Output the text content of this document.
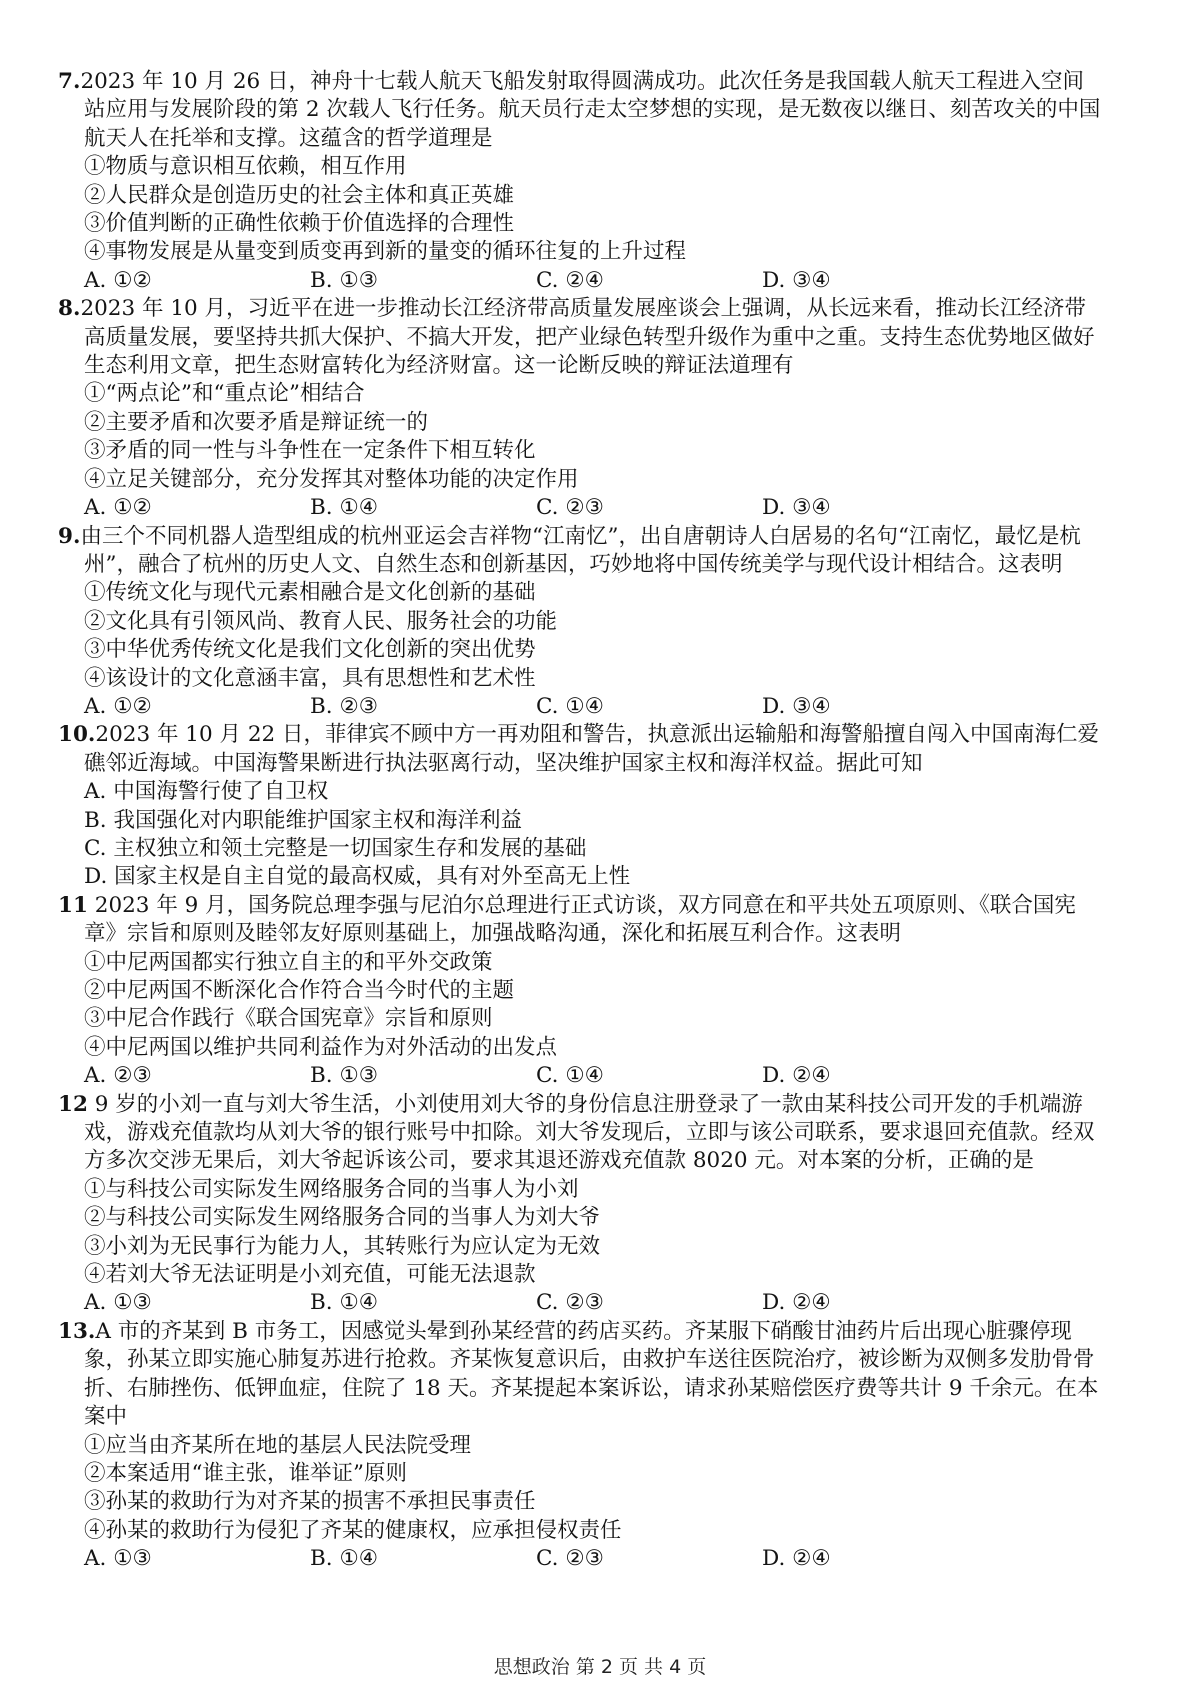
7.2023 年 10 月 26 日，神舟十七载人航天飞船发射取得圆满成功。此次任务是我国载人航天工程进入空间站应用与发展阶段的第 2 次载人飞行任务。航天员行走太空梦想的实现，是无数夜以继日、刻苦攻关的中国航天人在托举和支撑。这蕴含的哲学道理是

①物质与意识相互依赖，相互作用

②人民群众是创造历史的社会主体和真正英雄

③价值判断的正确性依赖于价值选择的合理性

④事物发展是从量变到质变再到新的量变的循环往复的上升过程

A. ①②	B. ①③	C. ②④	D. ③④

8.2023 年 10 月，习近平在进一步推动长江经济带高质量发展座谈会上强调，从长远来看，推动长江经济带高质量发展，要坚持共抓大保护、不搞大开发，把产业绿色转型升级作为重中之重。支持生态优势地区做好生态利用文章，把生态财富转化为经济财富。这一论断反映的辩证法道理有

①“两点论”和“重点论”相结合

②主要矛盾和次要矛盾是辩证统一的

③矛盾的同一性与斗争性在一定条件下相互转化

④立足关键部分，充分发挥其对整体功能的决定作用

A. ①②	B. ①④	C. ②③	D. ③④

9.由三个不同机器人造型组成的杭州亚运会吉祥物“江南忆”，出自唐朝诗人白居易的名句“江南忆，最忆是杭州”，融合了杭州的历史人文、自然生态和创新基因，巧妙地将中国传统美学与现代设计相结合。这表明

①传统文化与现代元素相融合是文化创新的基础

②文化具有引领风尚、教育人民、服务社会的功能

③中华优秀传统文化是我们文化创新的突出优势

④该设计的文化意涵丰富，具有思想性和艺术性

A. ①②	B. ②③	C. ①④	D. ③④

10.2023 年 10 月 22 日，菲律宾不顾中方一再劝阻和警告，执意派出运输船和海警船擅自闯入中国南海仁爱礁邻近海域。中国海警果断进行执法驱离行动，坚决维护国家主权和海洋权益。据此可知

A. 中国海警行使了自卫权

B. 我国强化对内职能维护国家主权和海洋利益

C. 主权独立和领土完整是一切国家生存和发展的基础

D. 国家主权是自主自觉的最高权威，具有对外至高无上性

11 2023 年 9 月，国务院总理李强与尼泊尔总理进行正式访谈，双方同意在和平共处五项原则、《联合国宪章》宗旨和原则及睦邻友好原则基础上，加强战略沟通，深化和拓展互利合作。这表明

①中尼两国都实行独立自主的和平外交政策

②中尼两国不断深化合作符合当今时代的主题

③中尼合作践行《联合国宪章》宗旨和原则

④中尼两国以维护共同利益作为对外活动的出发点

A. ②③	B. ①③	C. ①④	D. ②④

12 9 岁的小刘一直与刘大爷生活，小刘使用刘大爷的身份信息注册登录了一款由某科技公司开发的手机端游戏，游戏充值款均从刘大爷的银行账号中扣除。刘大爷发现后，立即与该公司联系，要求退回充值款。经双方多次交涉无果后，刘大爷起诉该公司，要求其退还游戏充值款 8020 元。对本案的分析，正确的是

①与科技公司实际发生网络服务合同的当事人为小刘

②与科技公司实际发生网络服务合同的当事人为刘大爷

③小刘为无民事行为能力人，其转账行为应认定为无效

④若刘大爷无法证明是小刘充值，可能无法退款

A. ①③	B. ①④	C. ②③	D. ②④

13.A 市的齐某到 B 市务工，因感觉头晕到孙某经营的药店买药。齐某服下硝酸甘油药片后出现心脏骤停现象，孙某立即实施心肺复苏进行抢救。齐某恢复意识后，由救护车送往医院治疗，被诊断为双侧多发肋骨骨折、右肺挫伤、低钾血症，住院了 18 天。齐某提起本案诉讼，请求孙某赔偿医疗费等共计 9 千余元。在本案中

①应当由齐某所在地的基层人民法院受理

②本案适用“谁主张，谁举证”原则

③孙某的救助行为对齐某的损害不承担民事责任

④孙某的救助行为侵犯了齐某的健康权，应承担侵权责任

A. ①③	B. ①④	C. ②③	D. ②④
思想政治 第 2 页 共 4 页
